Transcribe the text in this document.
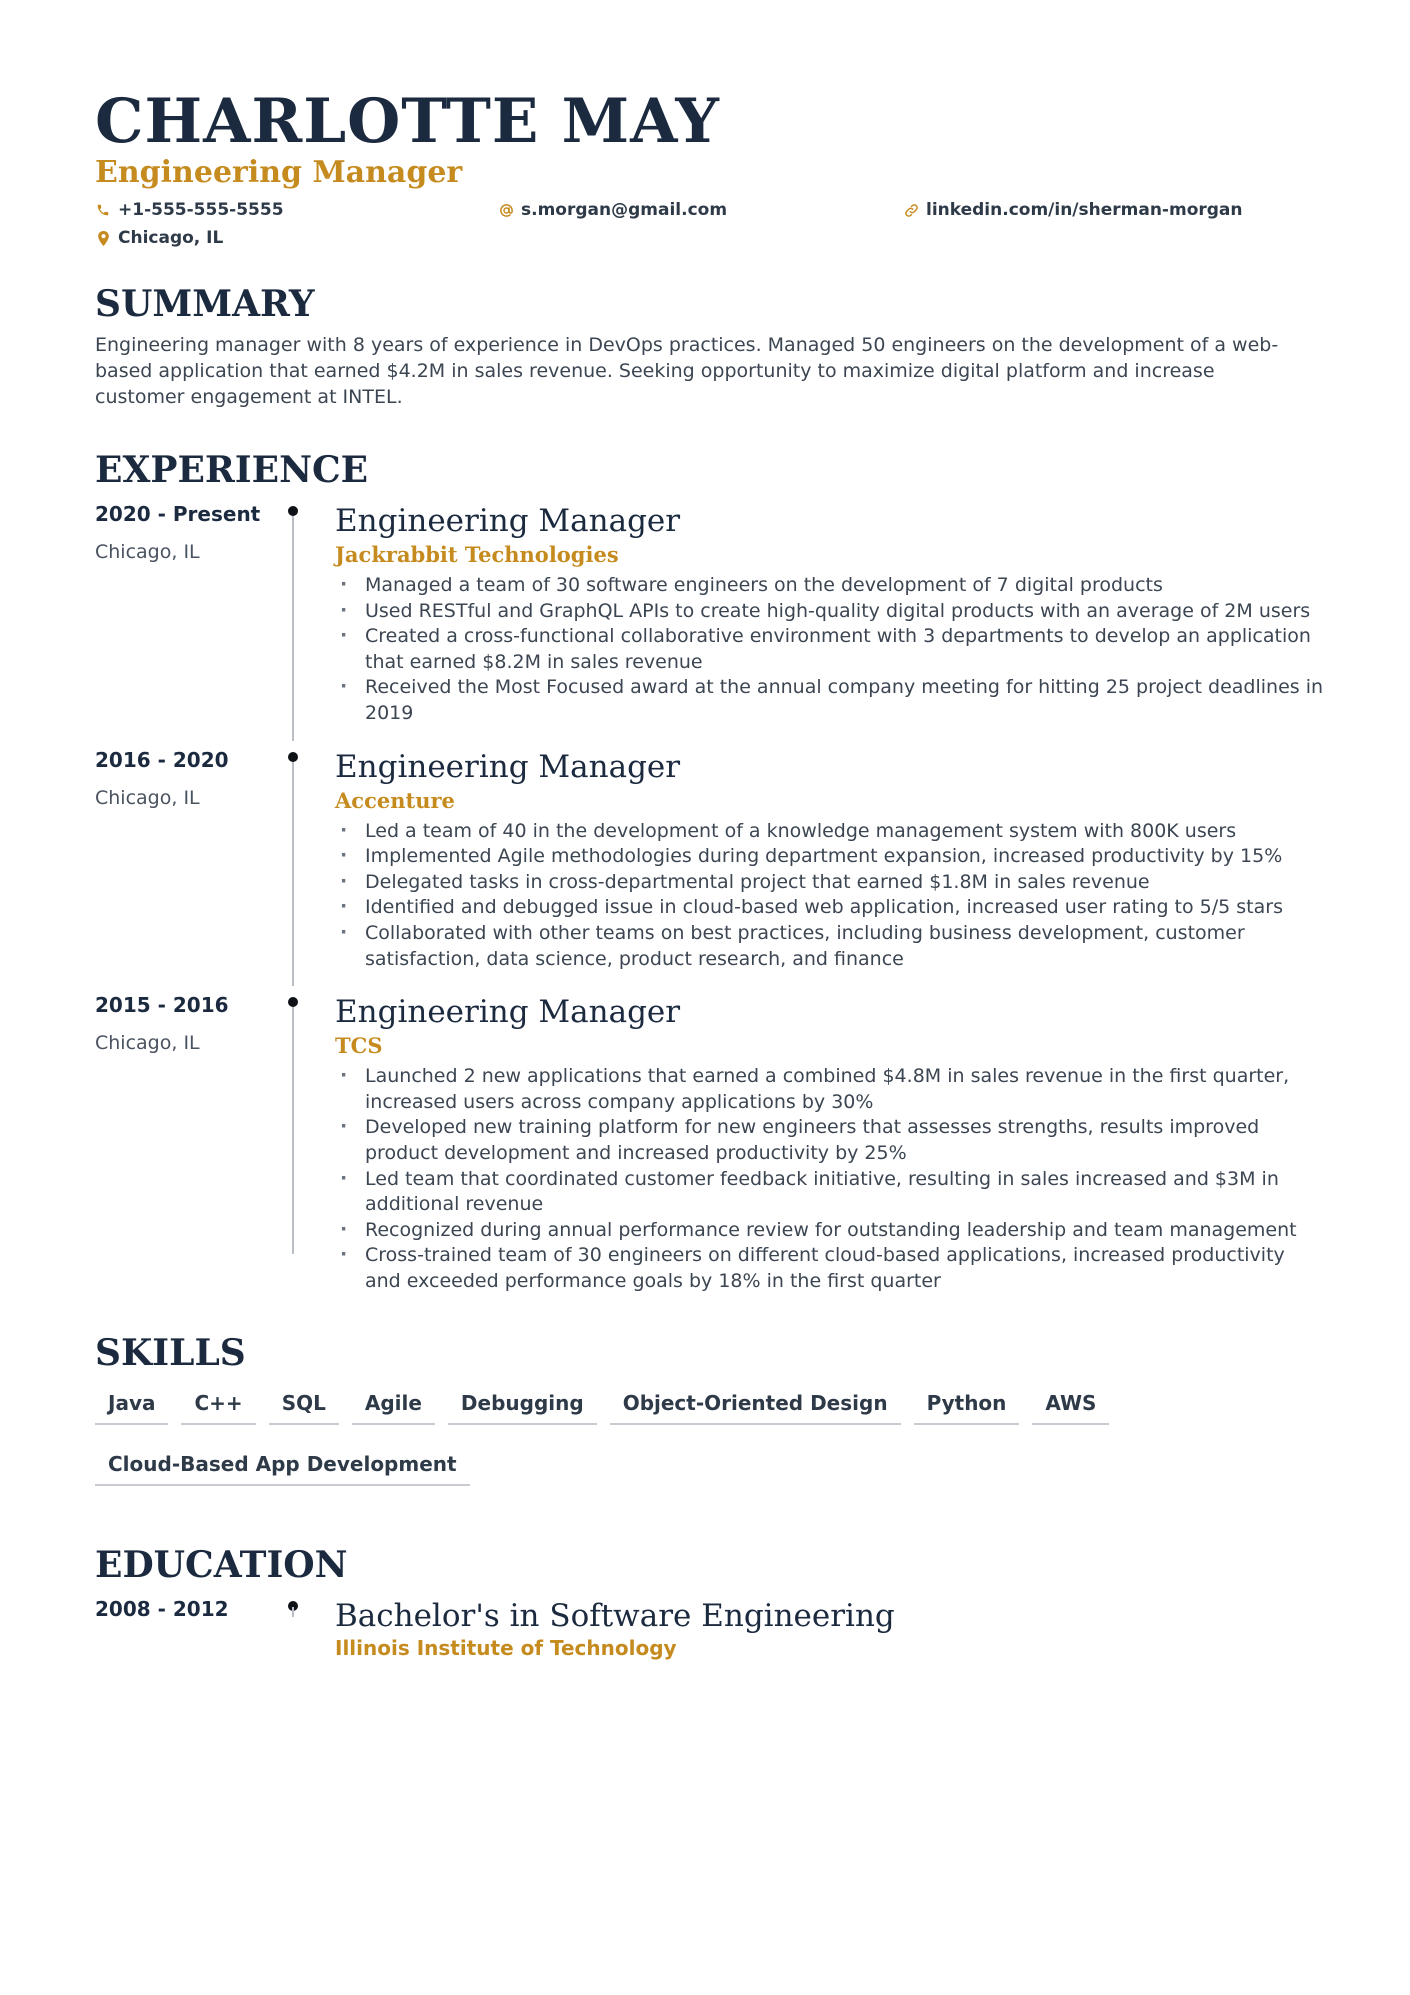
CHARLOTTE MAY
Engineering Manager
+1-555-555-5555	s.morgan@gmail.com	linkedin.com/in/sherman-morgan
Chicago, IL
SUMMARY
Engineering manager with 8 years of experience in DevOps practices. Managed 50 engineers on the development of a web-based application that earned $4.2M in sales revenue. Seeking opportunity to maximize digital platform and increase customer engagement at INTEL.
EXPERIENCE
2020 - Present
Chicago, IL
Engineering Manager
Jackrabbit Technologies
· Managed a team of 30 software engineers on the development of 7 digital products
· Used RESTful and GraphQL APIs to create high-quality digital products with an average of 2M users
· Created a cross-functional collaborative environment with 3 departments to develop an application that earned $8.2M in sales revenue
· Received the Most Focused award at the annual company meeting for hitting 25 project deadlines in 2019
2016 - 2020
Chicago, IL
Engineering Manager
Accenture
· Led a team of 40 in the development of a knowledge management system with 800K users
· Implemented Agile methodologies during department expansion, increased productivity by 15%
· Delegated tasks in cross-departmental project that earned $1.8M in sales revenue
· Identified and debugged issue in cloud-based web application, increased user rating to 5/5 stars
· Collaborated with other teams on best practices, including business development, customer satisfaction, data science, product research, and finance
2015 - 2016
Chicago, IL
Engineering Manager
TCS
· Launched 2 new applications that earned a combined $4.8M in sales revenue in the first quarter, increased users across company applications by 30%
· Developed new training platform for new engineers that assesses strengths, results improved product development and increased productivity by 25%
· Led team that coordinated customer feedback initiative, resulting in sales increased and $3M in additional revenue
· Recognized during annual performance review for outstanding leadership and team management
· Cross-trained team of 30 engineers on different cloud-based applications, increased productivity and exceeded performance goals by 18% in the first quarter
SKILLS
Java	C++	SQL	Agile	Debugging	Object-Oriented Design	Python	AWS
Cloud-Based App Development
EDUCATION
2008 - 2012	Bachelor's in Software Engineering
Illinois Institute of Technology
